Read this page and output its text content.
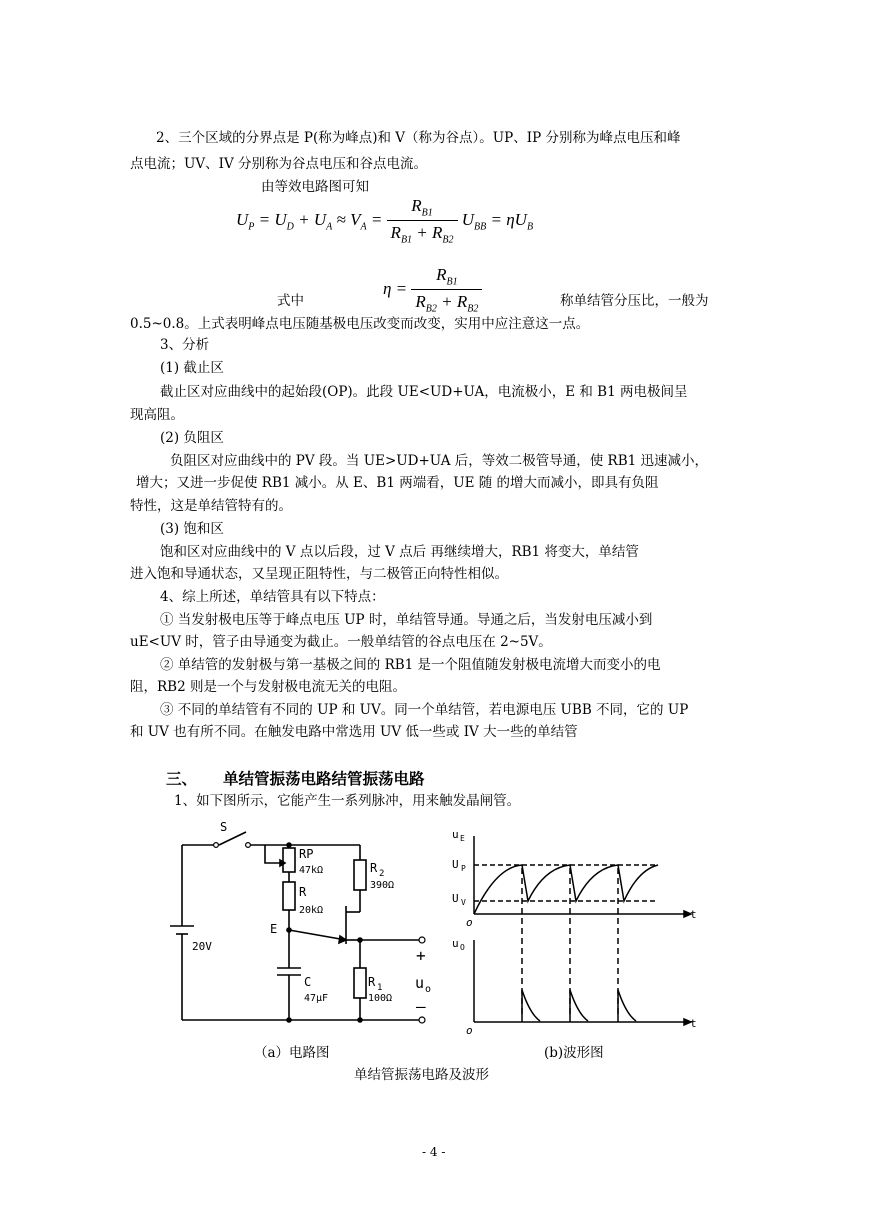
2、三个区域的分界点是 P(称为峰点)和 V（称为谷点）。UP、IP 分别称为峰点电压和峰
点电流；UV、IV 分别称为谷点电压和谷点电流。
由等效电路图可知
$U_P = U_D + U_A \approx V_A = \frac{R_{B1}}{R_{B1} + R_{B2}} U_{BB} = \eta U_B$
式中
$\eta = \frac{R_{B1}}{R_{B2} + R_{B2}}$	称单结管分压比，一般为
0.5~0.8。上式表明峰点电压随基极电压改变而改变，实用中应注意这一点。
3、分析
(1) 截止区
截止区对应曲线中的起始段(OP)。此段 UE<UD+UA，电流极小，E 和 B1 两电极间呈
现高阻。
(2) 负阻区
负阻区对应曲线中的 PV 段。当 UE>UD+UA 后，等效二极管导通，使 RB1 迅速减小，
增大；又进一步促使 RB1 减小。从 E、B1 两端看，UE 随 的增大而减小，即具有负阻
特性，这是单结管特有的。
(3) 饱和区
饱和区对应曲线中的 V 点以后段，过 V 点后 再继续增大，RB1 将变大，单结管
进入饱和导通状态，又呈现正阻特性，与二极管正向特性相似。
4、综上所述，单结管具有以下特点：
① 当发射极电压等于峰点电压 UP 时，单结管导通。导通之后，当发射电压减小到
uE<UV 时，管子由导通变为截止。一般单结管的谷点电压在 2~5V。
② 单结管的发射极与第一基极之间的 RB1 是一个阻值随发射极电流增大而变小的电
阻，RB2 则是一个与发射极电流无关的电阻。
③ 不同的单结管有不同的 UP 和 UV。同一个单结管，若电源电压 UBB 不同，它的 UP
和 UV 也有所不同。在触发电路中常选用 UV 低一些或 IV 大一些的单结管
三、 单结管振荡电路结管振荡电路
1、如下图所示，它能产生一系列脉冲，用来触发晶闸管。
S
RP
47kΩ
R
20kΩ
R 2
390Ω
E
20V
C
47μF
R 1
100Ω
+
–
u o
u E
U P
U V
t
o
u O
t
o
（a）电路图	(b)波形图
单结管振荡电路及波形
- 4 -
